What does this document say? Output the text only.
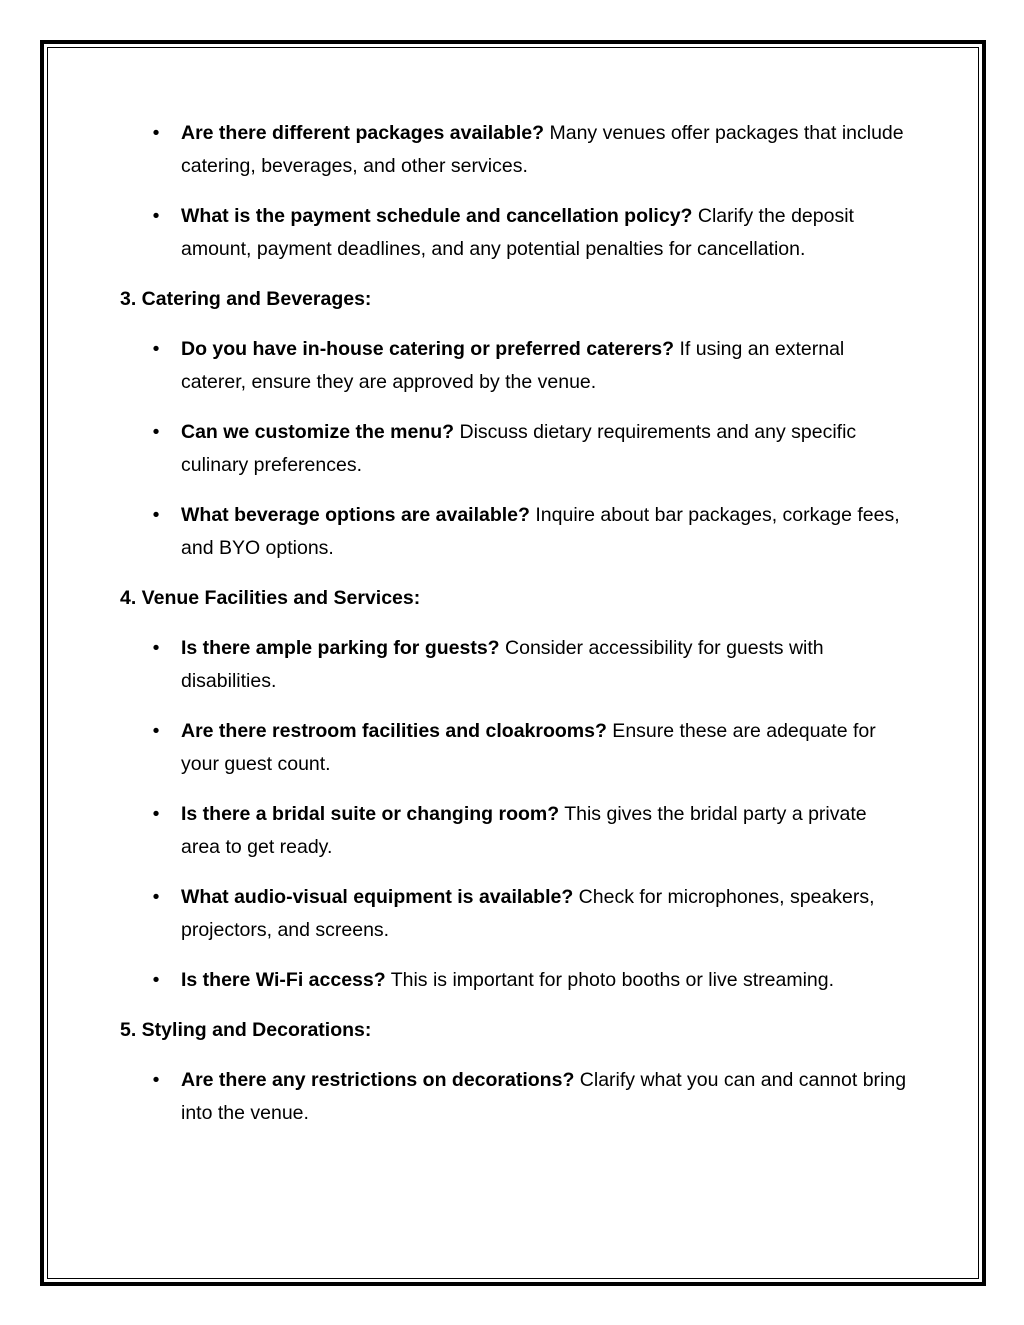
• Are there different packages available? Many venues offer packages that include catering, beverages, and other services.
• What is the payment schedule and cancellation policy? Clarify the deposit amount, payment deadlines, and any potential penalties for cancellation.
3. Catering and Beverages:
• Do you have in-house catering or preferred caterers? If using an external caterer, ensure they are approved by the venue.
• Can we customize the menu? Discuss dietary requirements and any specific culinary preferences.
• What beverage options are available? Inquire about bar packages, corkage fees, and BYO options.
4. Venue Facilities and Services:
• Is there ample parking for guests? Consider accessibility for guests with disabilities.
• Are there restroom facilities and cloakrooms? Ensure these are adequate for your guest count.
• Is there a bridal suite or changing room? This gives the bridal party a private area to get ready.
• What audio-visual equipment is available? Check for microphones, speakers, projectors, and screens.
• Is there Wi-Fi access? This is important for photo booths or live streaming.
5. Styling and Decorations:
• Are there any restrictions on decorations? Clarify what you can and cannot bring into the venue.
